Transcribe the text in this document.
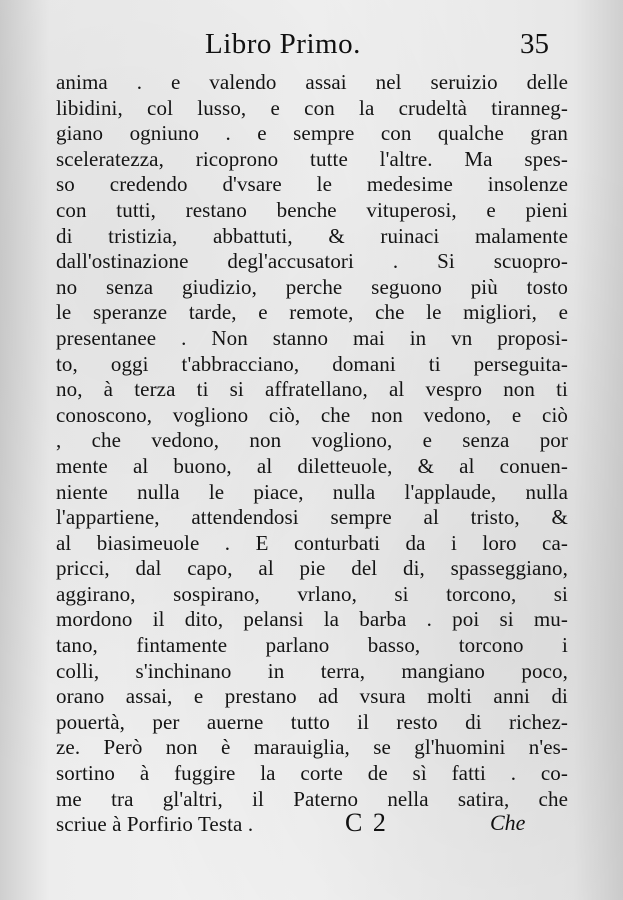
Libro Primo.	35
anima . e valendo assai nel seruizio delle
libidini, col lusso, e con la crudeltà tiranneg-
giano ogniuno . e sempre con qualche gran
sceleratezza, ricoprono tutte l'altre. Ma spes-
so credendo d'vsare le medesime insolenze
con tutti, restano benche vituperosi, e pieni
di tristizia, abbattuti, & ruinaci malamente
dall'ostinazione degl'accusatori . Si scuopro-
no senza giudizio, perche seguono più tosto
le speranze tarde, e remote, che le migliori, e
presentanee . Non stanno mai in vn proposi-
to, oggi t'abbracciano, domani ti perseguita-
no, à terza ti si affratellano, al vespro non ti
conoscono, vogliono ciò, che non vedono, e ciò
, che vedono, non vogliono, e senza por
mente al buono, al diletteuole, & al conuen-
niente nulla le piace, nulla l'applaude, nulla
l'appartiene, attendendosi sempre al tristo, &
al biasimeuole . E conturbati da i loro ca-
pricci, dal capo, al pie del di, spasseggiano,
aggirano, sospirano, vrlano, si torcono, si
mordono il dito, pelansi la barba . poi si mu-
tano, fintamente parlano basso, torcono i
colli, s'inchinano in terra, mangiano poco,
orano assai, e prestano ad vsura molti anni di
pouertà, per auerne tutto il resto di richez-
ze. Però non è marauiglia, se gl'huomini n'es-
sortino à fuggire la corte de sì fatti . co-
me tra gl'altri, il Paterno nella satira, che
scriue à Porfirio Testa .	C 2	Che
